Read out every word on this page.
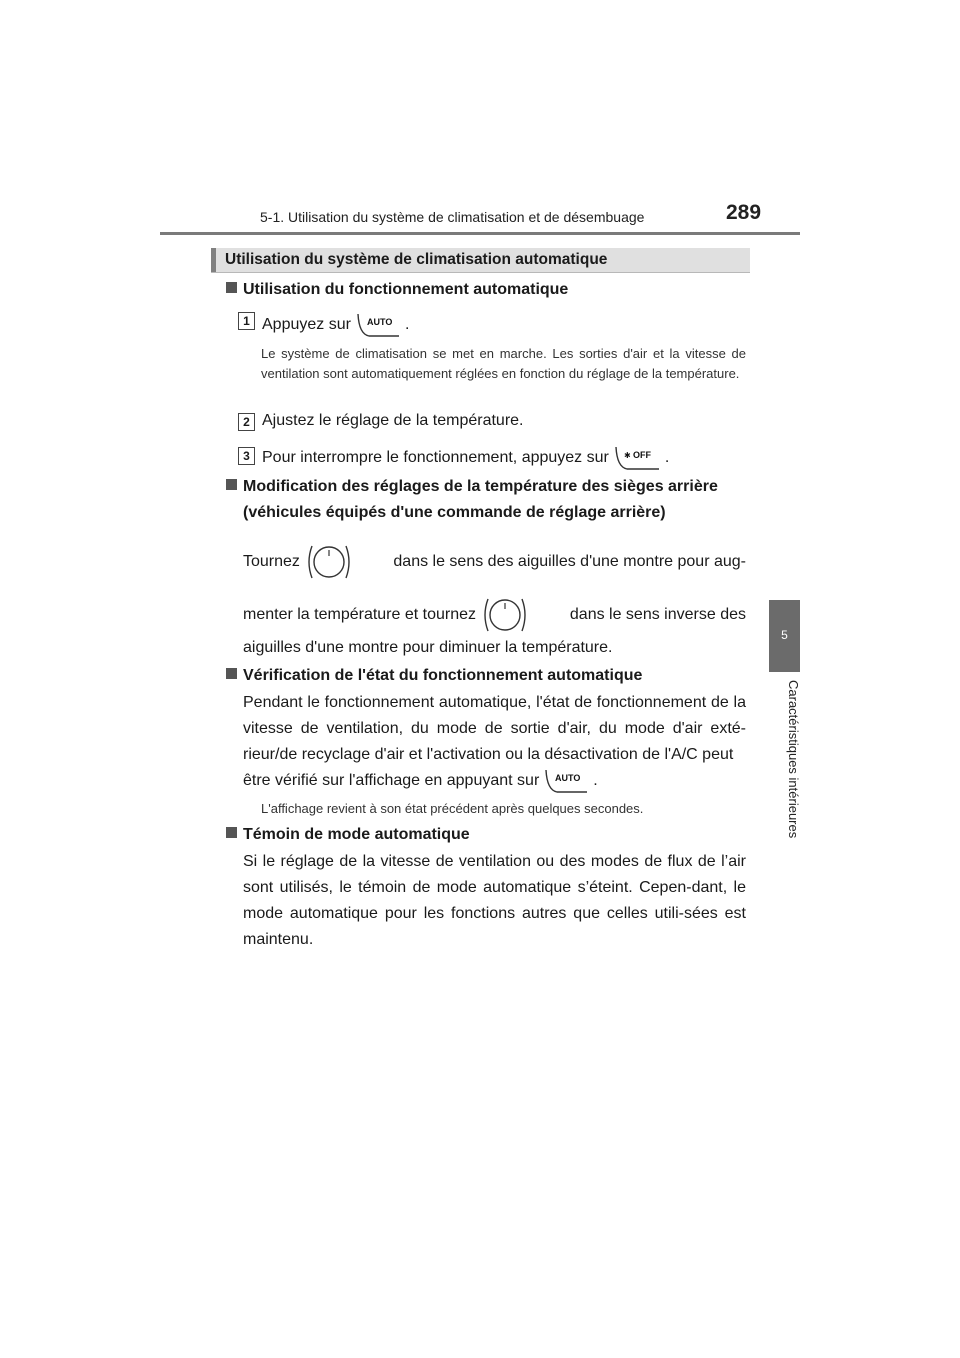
5-1. Utilisation du système de climatisation et de désembuage	289
5
Caractéristiques intérieures
Utilisation du système de climatisation automatique
Utilisation du fonctionnement automatique
1 Appuyez sur AUTO .
Le système de climatisation se met en marche. Les sorties d'air et la vitesse de ventilation sont automatiquement réglées en fonction du réglage de la température.
2 Ajustez le réglage de la température.
3 Pour interrompre le fonctionnement, appuyez sur ✱ OFF .
Modification des réglages de la température des sièges arrière
(véhicules équipés d'une commande de réglage arrière)
Tournez	dans le sens des aiguilles d'une montre pour aug-
menter la température et tournez	dans le sens inverse des
aiguilles d'une montre pour diminuer la température.
Vérification de l'état du fonctionnement automatique
Pendant le fonctionnement automatique, l'état de fonctionnement de la vitesse de ventilation, du mode de sortie d'air, du mode d'air exté-rieur/de recyclage d'air et l'activation ou la désactivation de l'A/C peut
être vérifié sur l'affichage en appuyant sur AUTO .
L'affichage revient à son état précédent après quelques secondes.
Témoin de mode automatique
Si le réglage de la vitesse de ventilation ou des modes de flux de l’air sont utilisés, le témoin de mode automatique s’éteint. Cepen-dant, le mode automatique pour les fonctions autres que celles utili-sées est maintenu.
